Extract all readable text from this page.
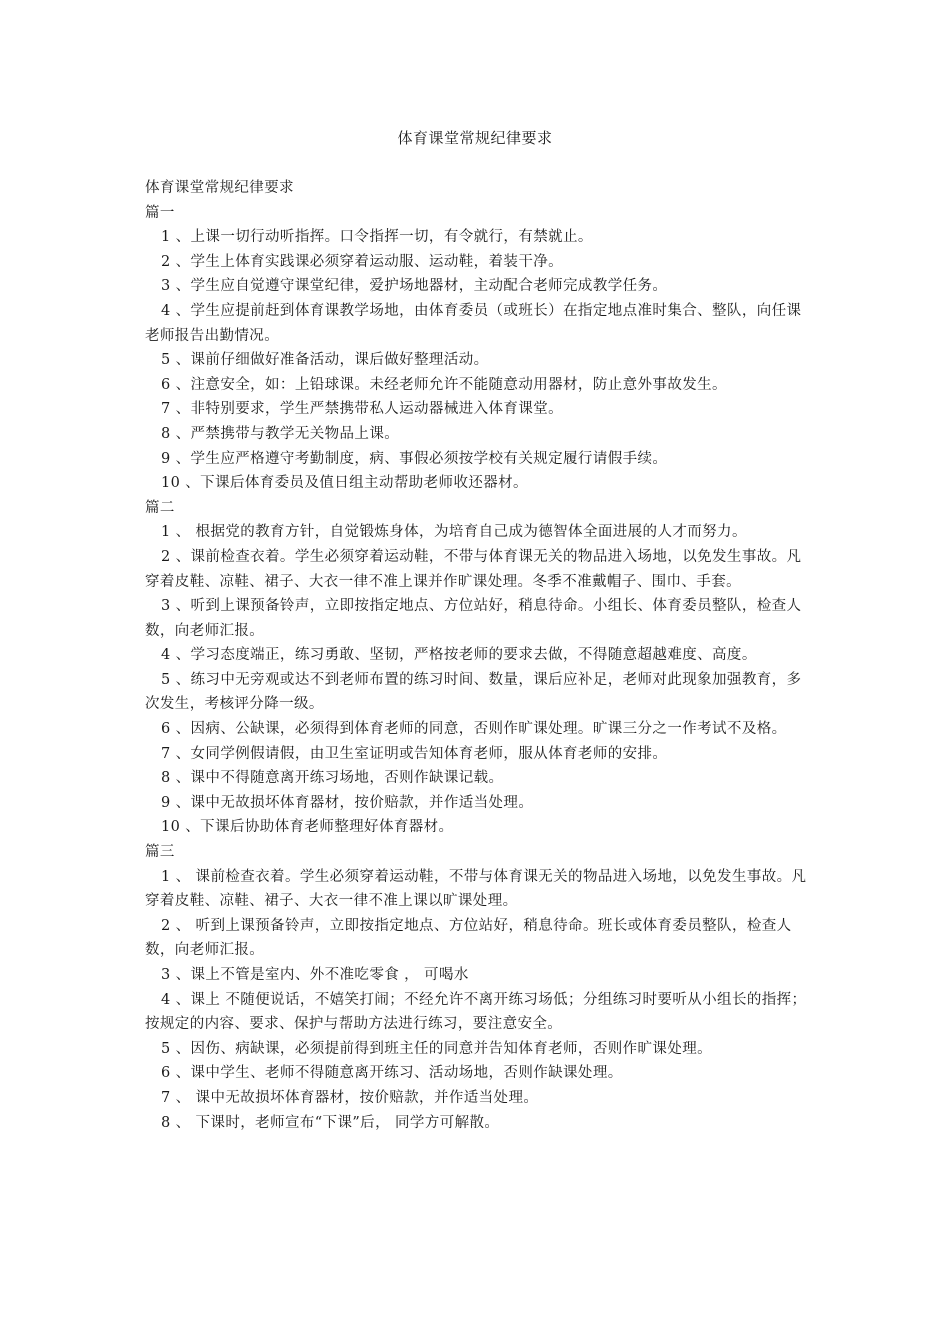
体育课堂常规纪律要求

体育课堂常规纪律要求

篇一

1 、上课一切行动听指挥。口令指挥一切，有令就行，有禁就止。

2 、学生上体育实践课必须穿着运动服、运动鞋，着装干净。

3 、学生应自觉遵守课堂纪律，爱护场地器材，主动配合老师完成教学任务。

4 、学生应提前赶到体育课教学场地，由体育委员（或班长）在指定地点准时集合、整队，向任课老师报告出勤情况。

5 、课前仔细做好准备活动，课后做好整理活动。

6 、注意安全，如：上铅球课。未经老师允许不能随意动用器材，防止意外事故发生。

7 、非特别要求，学生严禁携带私人运动器械进入体育课堂。

8 、严禁携带与教学无关物品上课。

9 、学生应严格遵守考勤制度，病、事假必须按学校有关规定履行请假手续。

10 、下课后体育委员及值日组主动帮助老师收还器材。

篇二

1 、 根据党的教育方针，自觉锻炼身体，为培育自己成为德智体全面进展的人才而努力。

2 、课前检查衣着。学生必须穿着运动鞋，不带与体育课无关的物品进入场地，以免发生事故。凡穿着皮鞋、凉鞋、裙子、大衣一律不准上课并作旷课处理。冬季不准戴帽子、围巾、手套。

3 、听到上课预备铃声，立即按指定地点、方位站好，稍息待命。小组长、体育委员整队，检查人数，向老师汇报。

4 、学习态度端正，练习勇敢、坚韧，严格按老师的要求去做，不得随意超越难度、高度。

5 、练习中无旁观或达不到老师布置的练习时间、数量，课后应补足，老师对此现象加强教育，多次发生，考核评分降一级。

6 、因病、公缺课，必须得到体育老师的同意，否则作旷课处理。旷课三分之一作考试不及格。

7 、女同学例假请假，由卫生室证明或告知体育老师，服从体育老师的安排。

8 、课中不得随意离开练习场地，否则作缺课记载。

9 、课中无故损坏体育器材，按价赔款，并作适当处理。

10 、下课后协助体育老师整理好体育器材。

篇三

1 、 课前检查衣着。学生必须穿着运动鞋，不带与体育课无关的物品进入场地，以免发生事故。凡穿着皮鞋、凉鞋、裙子、大衣一律不准上课以旷课处理。

2 、 听到上课预备铃声，立即按指定地点、方位站好，稍息待命。班长或体育委员整队，检查人数，向老师汇报。

3 、课上不管是室内、外不准吃零食 ， 可喝水

4 、课上 不随便说话，不嬉笑打闹；不经允许不离开练习场低；分组练习时要听从小组长的指挥；按规定的内容、要求、保护与帮助方法进行练习，要注意安全。

5 、因伤、病缺课，必须提前得到班主任的同意并告知体育老师，否则作旷课处理。

6 、课中学生、老师不得随意离开练习、活动场地，否则作缺课处理。

7 、 课中无故损坏体育器材，按价赔款，并作适当处理。

8 、 下课时，老师宣布“下课”后， 同学方可解散。
